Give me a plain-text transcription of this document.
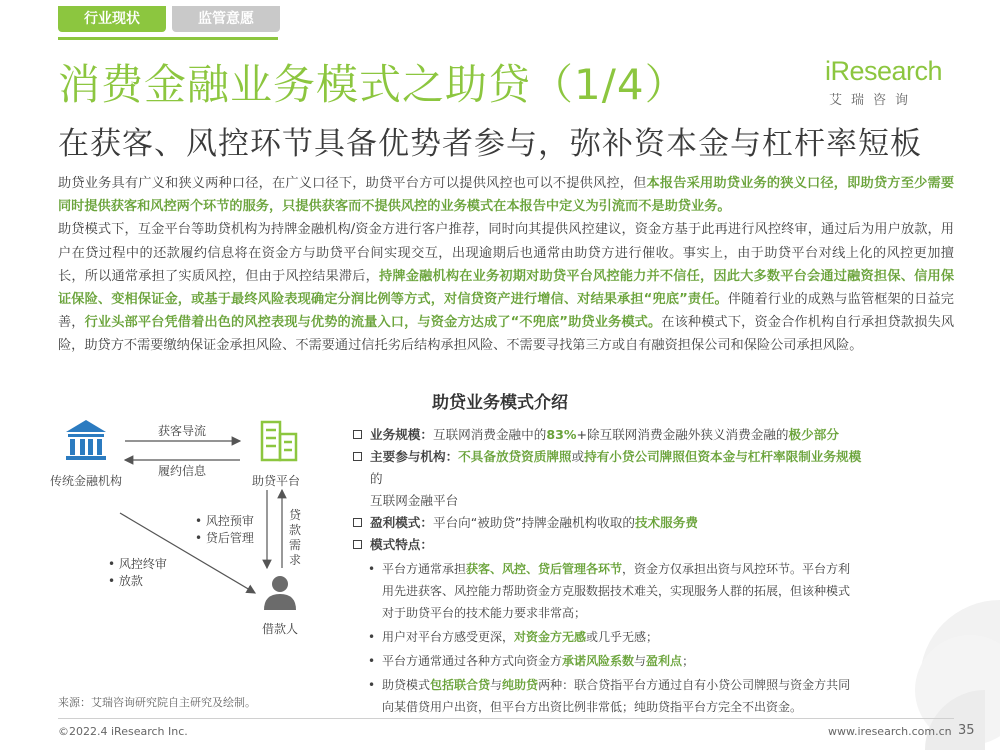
行业现状	监管意愿
消费金融业务模式之助贷（1/4）
在获客、风控环节具备优势者参与，弥补资本金与杠杆率短板
iResearch
艾瑞咨询
助贷业务具有广义和狭义两种口径，在广义口径下，助贷平台方可以提供风控也可以不提供风控，但本报告采用助贷业务的狭义口径，即助贷方至少需要同时提供获客和风控两个环节的服务，只提供获客而不提供风控的业务模式在本报告中定义为引流而不是助贷业务。
助贷模式下，互金平台等助贷机构为持牌金融机构/资金方进行客户推荐，同时向其提供风控建议，资金方基于此再进行风控终审，通过后为用户放款，用户在贷过程中的还款履约信息将在资金方与助贷平台间实现交互，出现逾期后也通常由助贷方进行催收。事实上，由于助贷平台对线上化的风控更加擅长，所以通常承担了实质风控，但由于风控结果滞后，持牌金融机构在业务初期对助贷平台风控能力并不信任，因此大多数平台会通过融资担保、信用保证保险、变相保证金，或基于最终风险表现确定分润比例等方式，对信贷资产进行增信、对结果承担“兜底”责任。伴随着行业的成熟与监管框架的日益完善，行业头部平台凭借着出色的风控表现与优势的流量入口，与资金方达成了“不兜底”助贷业务模式。在该种模式下，资金合作机构自行承担贷款损失风险，助贷方不需要缴纳保证金承担风险、不需要通过信托劣后结构承担风险、不需要寻找第三方或自有融资担保公司和保险公司承担风险。
助贷业务模式介绍
传统金融机构	助贷平台
借款人
获客导流
履约信息
• 风控预审
• 贷后管理
贷款需求
• 风控终审
• 放款
业务规模：互联网消费金融中的83%+除互联网消费金融外狭义消费金融的极少部分
主要参与机构：不具备放贷资质牌照或持有小贷公司牌照但资本金与杠杆率限制业务规模的
互联网金融平台
盈利模式：平台向“被助贷”持牌金融机构收取的技术服务费
模式特点：
• 平台方通常承担获客、风控、贷后管理各环节，资金方仅承担出资与风控环节。平台方利用先进获客、风控能力帮助资金方克服数据技术难关，实现服务人群的拓展，但该种模式对于助贷平台的技术能力要求非常高；
• 用户对平台方感受更深，对资金方无感或几乎无感；
• 平台方通常通过各种方式向资金方承诺风险系数与盈利点；
• 助贷模式包括联合贷与纯助贷两种：联合贷指平台方通过自有小贷公司牌照与资金方共同向某借贷用户出资，但平台方出资比例非常低；纯助贷指平台方完全不出资金。
来源：艾瑞咨询研究院自主研究及绘制。
©2022.4 iResearch Inc.	www.iresearch.com.cn 35
